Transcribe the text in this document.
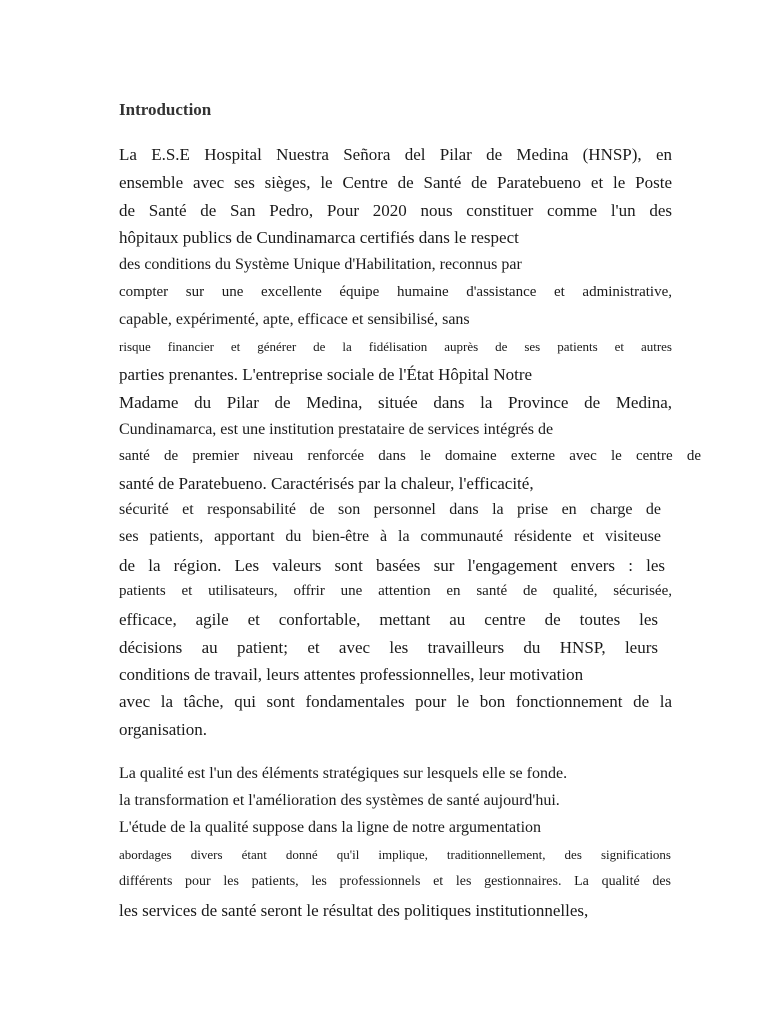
Introduction
La E.S.E Hospital Nuestra Señora del Pilar de Medina (HNSP), en
ensemble avec ses sièges, le Centre de Santé de Paratebueno et le Poste
de Santé de San Pedro, Pour 2020 nous constituer comme l'un des
hôpitaux publics de Cundinamarca certifiés dans le respect
des conditions du Système Unique d'Habilitation, reconnus par
compter sur une excellente équipe humaine d'assistance et administrative,
capable, expérimenté, apte, efficace et sensibilisé, sans
risque financier et générer de la fidélisation auprès de ses patients et autres
parties prenantes. L'entreprise sociale de l'État Hôpital Notre
Madame du Pilar de Medina, située dans la Province de Medina,
Cundinamarca, est une institution prestataire de services intégrés de
santé de premier niveau renforcée dans le domaine externe avec le centre de
santé de Paratebueno. Caractérisés par la chaleur, l'efficacité,
sécurité et responsabilité de son personnel dans la prise en charge de
ses patients, apportant du bien-être à la communauté résidente et visiteuse
de la région. Les valeurs sont basées sur l'engagement envers : les
patients et utilisateurs, offrir une attention en santé de qualité, sécurisée,
efficace, agile et confortable, mettant au centre de toutes les
décisions au patient; et avec les travailleurs du HNSP, leurs
conditions de travail, leurs attentes professionnelles, leur motivation
avec la tâche, qui sont fondamentales pour le bon fonctionnement de la
organisation.
La qualité est l'un des éléments stratégiques sur lesquels elle se fonde.
la transformation et l'amélioration des systèmes de santé aujourd'hui.
L'étude de la qualité suppose dans la ligne de notre argumentation
abordages divers étant donné qu'il implique, traditionnellement, des significations
différents pour les patients, les professionnels et les gestionnaires. La qualité des
les services de santé seront le résultat des politiques institutionnelles,
